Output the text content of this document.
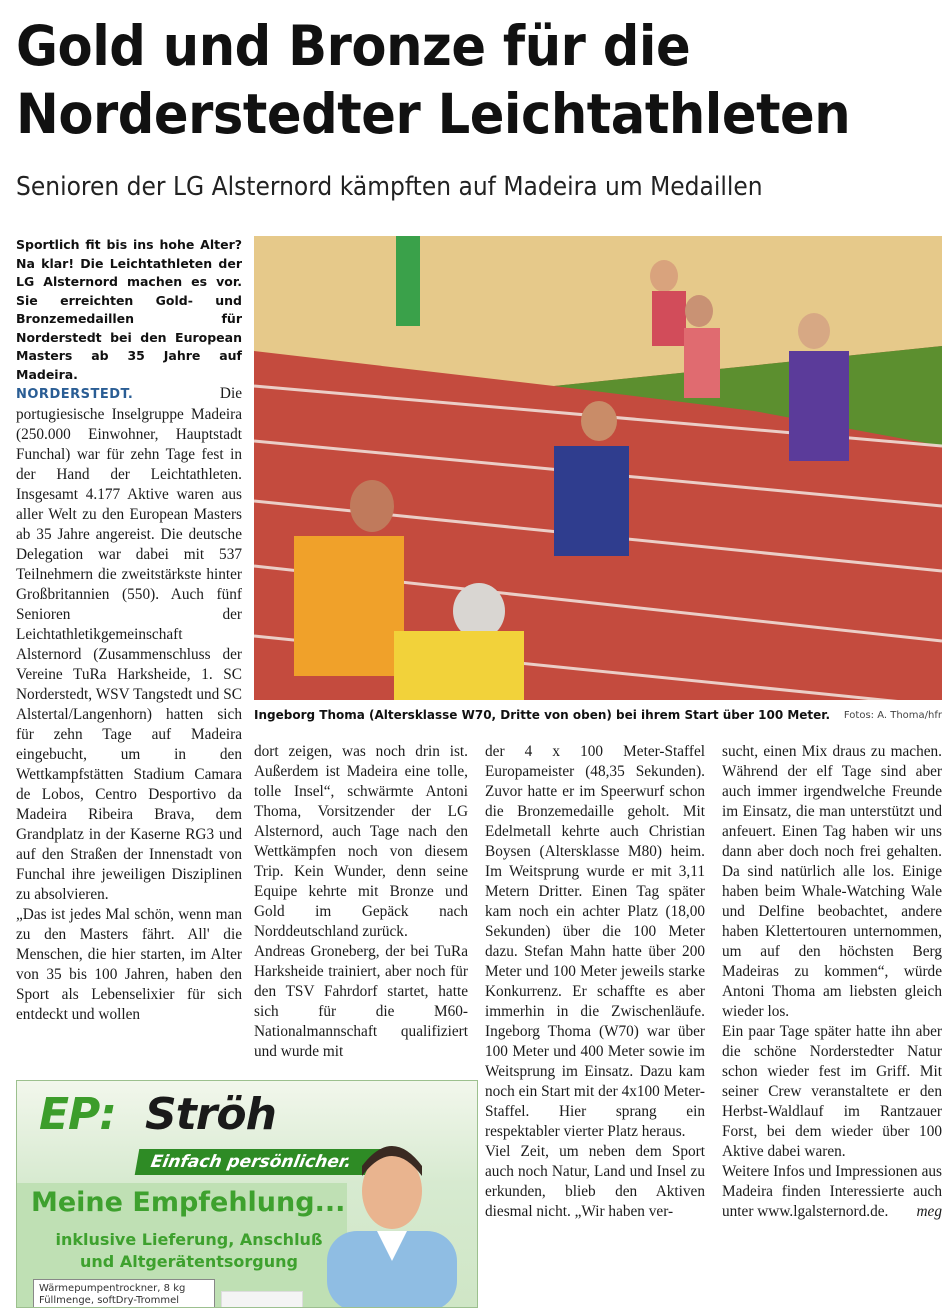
Gold und Bronze für die
Norderstedter Leichtathleten
Senioren der LG Alsternord kämpften auf Madeira um Medaillen
Sportlich fit bis ins hohe Alter? Na klar! Die Leichtathleten der LG Alsternord machen es vor. Sie erreichten Gold- und Bronzemedaillen für Norderstedt bei den European Masters ab 35 Jahre auf Madeira.

NORDERSTEDT.	Die portugiesische Inselgruppe Madeira (250.000 Einwohner, Hauptstadt Funchal) war für zehn Tage fest in der Hand der Leichtathleten. Insgesamt 4.177 Aktive waren aus aller Welt zu den European Masters ab 35 Jahre angereist. Die deutsche Delegation war dabei mit 537 Teilnehmern die zweitstärkste hinter Großbritannien (550). Auch fünf Senioren der Leichtathletikgemeinschaft Alsternord (Zusammenschluss der Vereine TuRa Harksheide, 1. SC Norderstedt, WSV Tangstedt und SC Alstertal/Langenhorn) hatten sich für zehn Tage auf Madeira eingebucht, um in den Wettkampfstätten Stadium Camara de Lobos, Centro Desportivo da Madeira Ribeira Brava, dem Grandplatz in der Kaserne RG3 und auf den Straßen der Innenstadt von Funchal ihre jeweiligen Disziplinen zu absolvieren.

„Das ist jedes Mal schön, wenn man zu den Masters fährt. All' die Menschen, die hier starten, im Alter von 35 bis 100 Jahren, haben den Sport als Lebenselixier für sich entdeckt und wollen

Ingeborg Thoma (Altersklasse W70, Dritte von oben) bei ihrem Start über 100 Meter. Fotos: A. Thoma/hfr

dort zeigen, was noch drin ist. Außerdem ist Madeira eine tolle, tolle Insel“, schwärmte Antoni Thoma, Vorsitzender der LG Alsternord, auch Tage nach den Wettkämpfen noch von diesem Trip. Kein Wunder, denn seine Equipe kehrte mit Bronze und Gold im Gepäck nach Norddeutschland zurück.

Andreas Groneberg, der bei TuRa Harksheide trainiert, aber noch für den TSV Fahrdorf startet, hatte sich für die M60-Nationalmannschaft qualifiziert und wurde mit

der 4 x 100 Meter-Staffel Europameister (48,35 Sekunden). Zuvor hatte er im Speerwurf schon die Bronzemedaille geholt. Mit Edelmetall kehrte auch Christian Boysen (Altersklasse M80) heim. Im Weitsprung wurde er mit 3,11 Metern Dritter. Einen Tag später kam noch ein achter Platz (18,00 Sekunden) über die 100 Meter dazu. Stefan Mahn hatte über 200 Meter und 100 Meter jeweils starke Konkurrenz. Er schaffte es aber immerhin in die Zwischenläufe. Ingeborg Thoma (W70) war über 100 Meter und 400 Meter sowie im Weitsprung im Einsatz. Dazu kam noch ein Start mit der 4x100 Meter-Staffel. Hier sprang ein respektabler vierter Platz heraus.

Viel Zeit, um neben dem Sport auch noch Natur, Land und Insel zu erkunden, blieb den Aktiven diesmal nicht. „Wir haben ver-

sucht, einen Mix draus zu machen. Während der elf Tage sind aber auch immer irgendwelche Freunde im Einsatz, die man unterstützt und anfeuert. Einen Tag haben wir uns dann aber doch noch frei gehalten. Da sind natürlich alle los. Einige haben beim Whale-Watching Wale und Delfine beobachtet, andere haben Klettertouren unternommen, um auf den höchsten Berg Madeiras zu kommen“, würde Antoni Thoma am liebsten gleich wieder los.

Ein paar Tage später hatte ihn aber die schöne Norderstedter Natur schon wieder fest im Griff. Mit seiner Crew veranstaltete er den Herbst-Waldlauf im Rantzauer Forst, bei dem wieder über 100 Aktive dabei waren.

Weitere Infos und Impressionen aus Madeira finden Interessierte auch unter www.lgalsternord.de. meg

EP: Ströh
Einfach persönlicher.
Meine Empfehlung...
inklusive Lieferung, Anschluß
und Altgerätentsorgung
Wärmepumpentrockner, 8 kg
Füllmenge, softDry-Trommel
